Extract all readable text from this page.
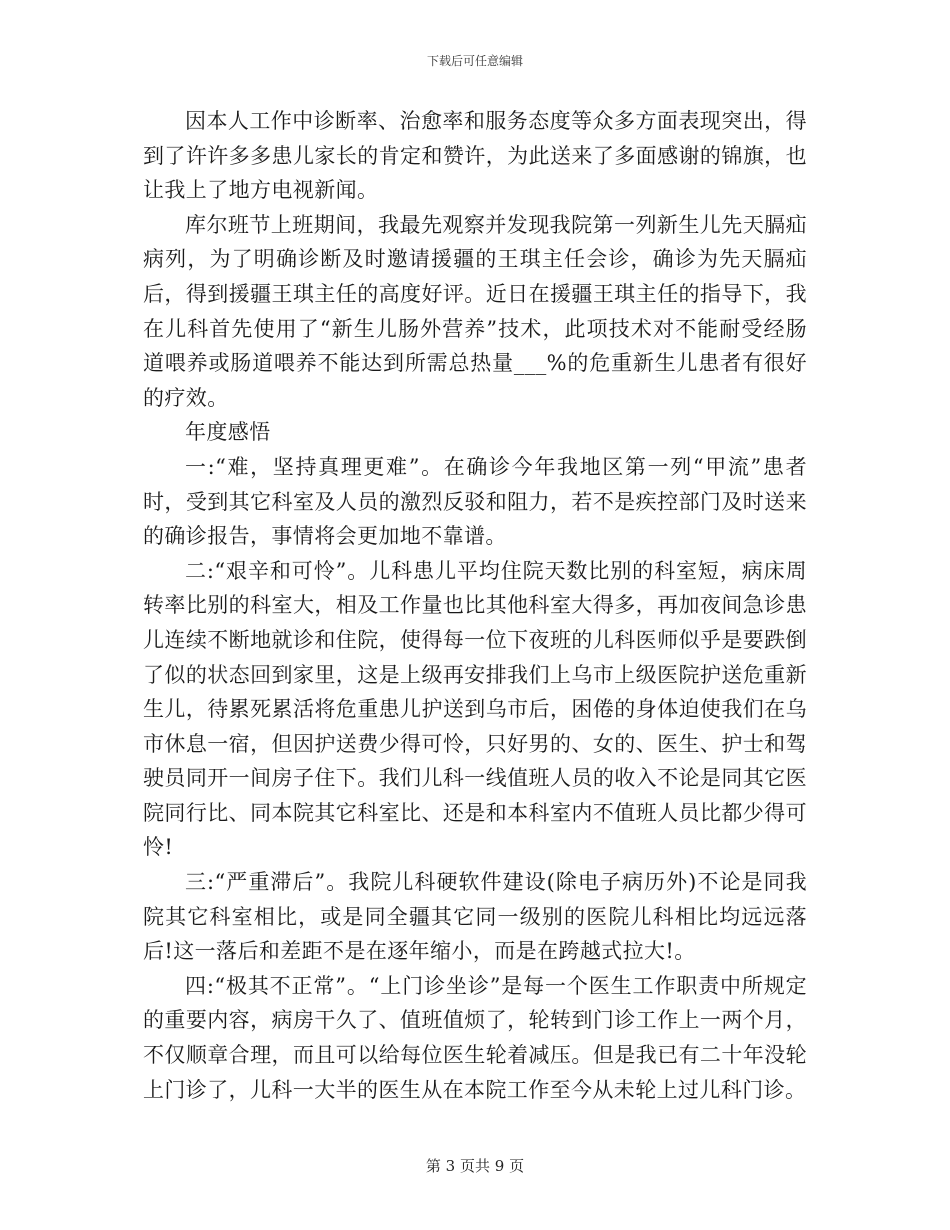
下载后可任意编辑

因本人工作中诊断率、治愈率和服务态度等众多方面表现突出，得到了许许多多患儿家长的肯定和赞许，为此送来了多面感谢的锦旗，也让我上了地方电视新闻。

库尔班节上班期间，我最先观察并发现我院第一列新生儿先天膈疝病列，为了明确诊断及时邀请援疆的王琪主任会诊，确诊为先天膈疝后，得到援疆王琪主任的高度好评。近日在援疆王琪主任的指导下，我在儿科首先使用了“新生儿肠外营养”技术，此项技术对不能耐受经肠道喂养或肠道喂养不能达到所需总热量___%的危重新生儿患者有很好的疗效。

年度感悟

一:“难，坚持真理更难”。在确诊今年我地区第一列“甲流”患者时，受到其它科室及人员的激烈反驳和阻力，若不是疾控部门及时送来的确诊报告，事情将会更加地不靠谱。

二:“艰辛和可怜”。儿科患儿平均住院天数比别的科室短，病床周转率比别的科室大，相及工作量也比其他科室大得多，再加夜间急诊患儿连续不断地就诊和住院，使得每一位下夜班的儿科医师似乎是要跌倒了似的状态回到家里，这是上级再安排我们上乌市上级医院护送危重新生儿，待累死累活将危重患儿护送到乌市后，困倦的身体迫使我们在乌市休息一宿，但因护送费少得可怜，只好男的、女的、医生、护士和驾驶员同开一间房子住下。我们儿科一线值班人员的收入不论是同其它医院同行比、同本院其它科室比、还是和本科室内不值班人员比都少得可怜!

三:“严重滞后”。我院儿科硬软件建设(除电子病历外)不论是同我院其它科室相比，或是同全疆其它同一级别的医院儿科相比均远远落后!这一落后和差距不是在逐年缩小，而是在跨越式拉大!。

四:“极其不正常”。“上门诊坐诊”是每一个医生工作职责中所规定的重要内容，病房干久了、值班值烦了，轮转到门诊工作上一两个月，不仅顺章合理，而且可以给每位医生轮着减压。但是我已有二十年没轮上门诊了，儿科一大半的医生从在本院工作至今从未轮上过儿科门诊。

第 3 页共 9 页
